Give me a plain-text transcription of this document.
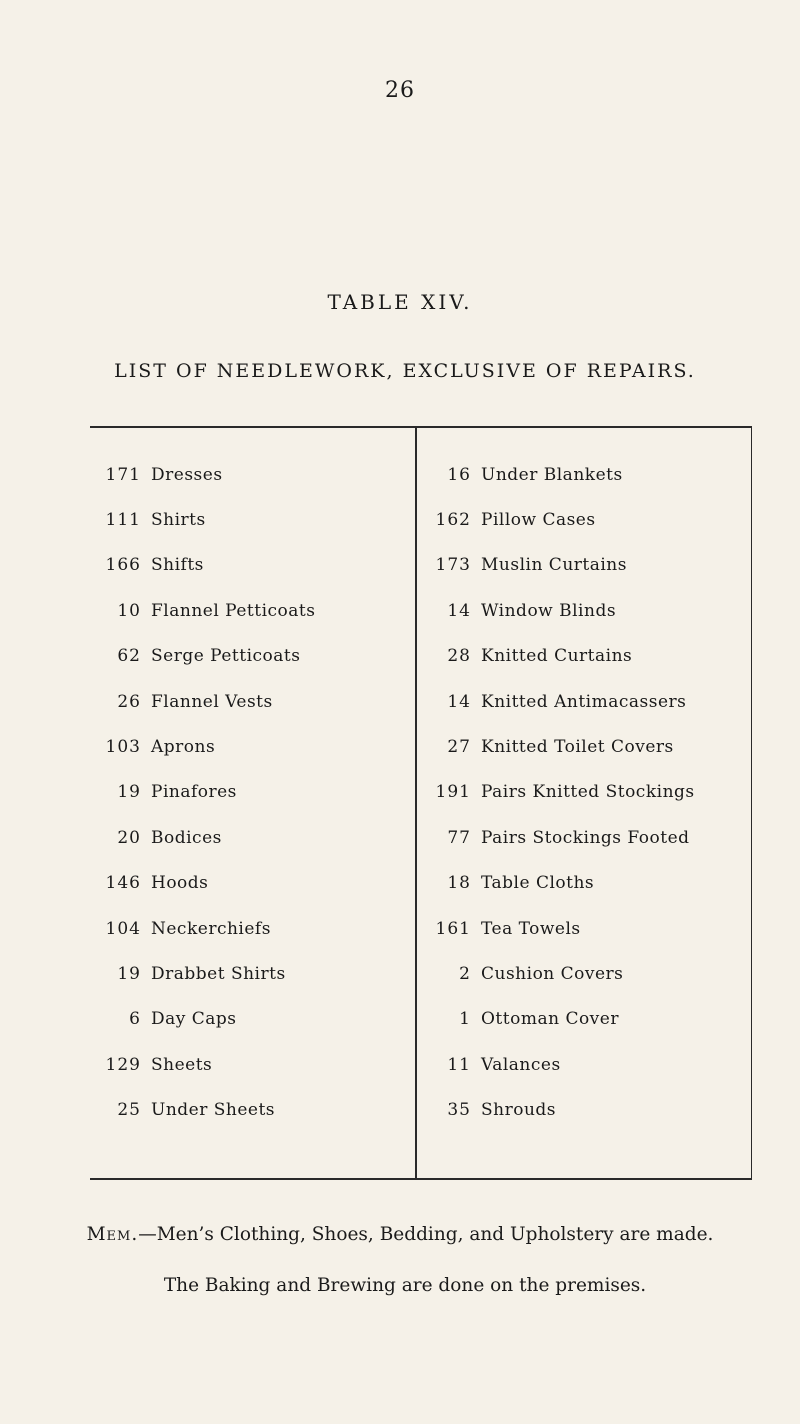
26
TABLE XIV.
LIST OF NEEDLEWORK, EXCLUSIVE OF REPAIRS.
171 Dresses
111 Shirts
166 Shifts
10 Flannel Petticoats
62 Serge Petticoats
26 Flannel Vests
103 Aprons
19 Pinafores
20 Bodices
146 Hoods
104 Neckerchiefs
19 Drabbet Shirts
6 Day Caps
129 Sheets
25 Under Sheets
16 Under Blankets
162 Pillow Cases
173 Muslin Curtains
14 Window Blinds
28 Knitted Curtains
14 Knitted Antimacassers
27 Knitted Toilet Covers
191 Pairs Knitted Stockings
77 Pairs Stockings Footed
18 Table Cloths
161 Tea Towels
2 Cushion Covers
1 Ottoman Cover
11 Valances
35 Shrouds
Mem.—Men’s Clothing, Shoes, Bedding, and Upholstery are made.
The Baking and Brewing are done on the premises.
